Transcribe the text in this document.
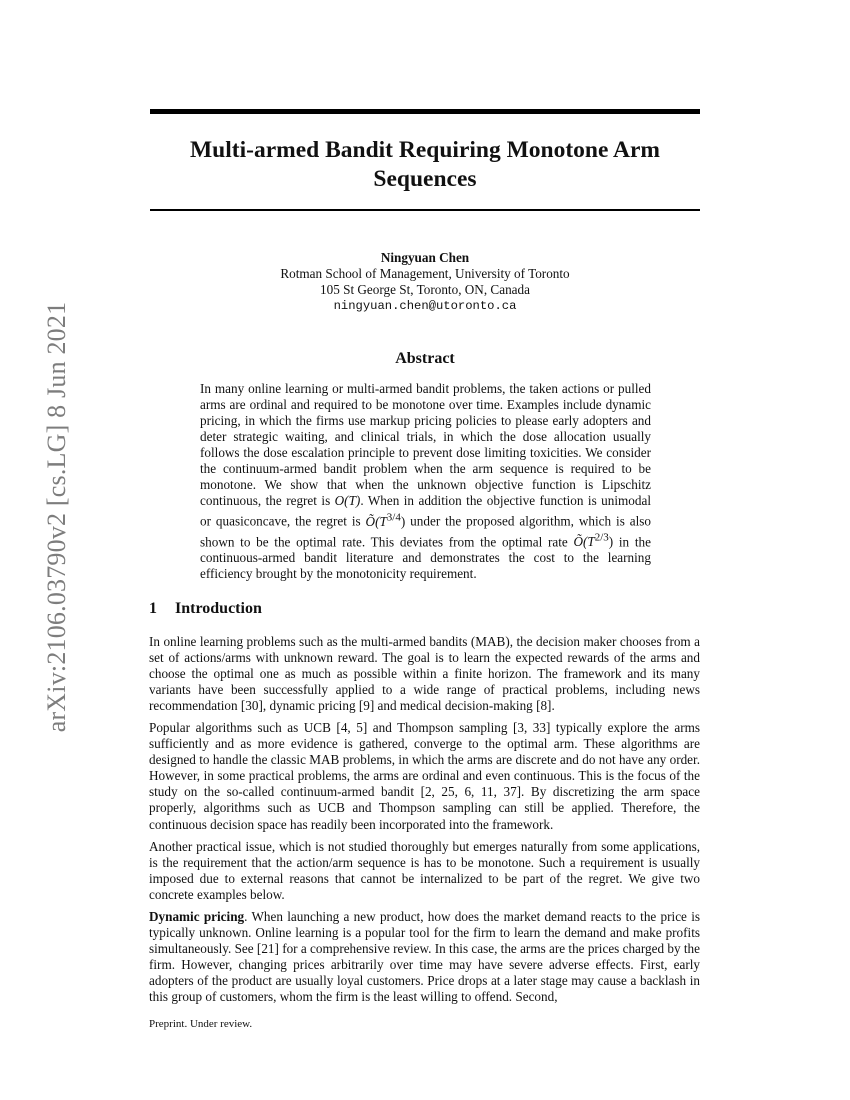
arXiv:2106.03790v2 [cs.LG] 8 Jun 2021
Multi-armed Bandit Requiring Monotone Arm Sequences
Ningyuan Chen
Rotman School of Management, University of Toronto
105 St George St, Toronto, ON, Canada
ningyuan.chen@utoronto.ca
Abstract
In many online learning or multi-armed bandit problems, the taken actions or pulled arms are ordinal and required to be monotone over time. Examples include dynamic pricing, in which the firms use markup pricing policies to please early adopters and deter strategic waiting, and clinical trials, in which the dose allocation usually follows the dose escalation principle to prevent dose limiting toxicities. We consider the continuum-armed bandit problem when the arm sequence is required to be monotone. We show that when the unknown objective function is Lipschitz continuous, the regret is O(T). When in addition the objective function is unimodal or quasiconcave, the regret is $Õ(T^{3/4})$ under the proposed algorithm, which is also shown to be the optimal rate. This deviates from the optimal rate $Õ(T^{2/3})$ in the continuous-armed bandit literature and demonstrates the cost to the learning efficiency brought by the monotonicity requirement.
1 Introduction

In online learning problems such as the multi-armed bandits (MAB), the decision maker chooses from a set of actions/arms with unknown reward. The goal is to learn the expected rewards of the arms and choose the optimal one as much as possible within a finite horizon. The framework and its many variants have been successfully applied to a wide range of practical problems, including news recommendation [30], dynamic pricing [9] and medical decision-making [8].

Popular algorithms such as UCB [4, 5] and Thompson sampling [3, 33] typically explore the arms sufficiently and as more evidence is gathered, converge to the optimal arm. These algorithms are designed to handle the classic MAB problems, in which the arms are discrete and do not have any order. However, in some practical problems, the arms are ordinal and even continuous. This is the focus of the study on the so-called continuum-armed bandit [2, 25, 6, 11, 37]. By discretizing the arm space properly, algorithms such as UCB and Thompson sampling can still be applied. Therefore, the continuous decision space has readily been incorporated into the framework.

Another practical issue, which is not studied thoroughly but emerges naturally from some applications, is the requirement that the action/arm sequence is has to be monotone. Such a requirement is usually imposed due to external reasons that cannot be internalized to be part of the regret. We give two concrete examples below.

Dynamic pricing. When launching a new product, how does the market demand reacts to the price is typically unknown. Online learning is a popular tool for the firm to learn the demand and make profits simultaneously. See [21] for a comprehensive review. In this case, the arms are the prices charged by the firm. However, changing prices arbitrarily over time may have severe adverse effects. First, early adopters of the product are usually loyal customers. Price drops at a later stage may cause a backlash in this group of customers, whom the firm is the least willing to offend. Second,

Preprint. Under review.
